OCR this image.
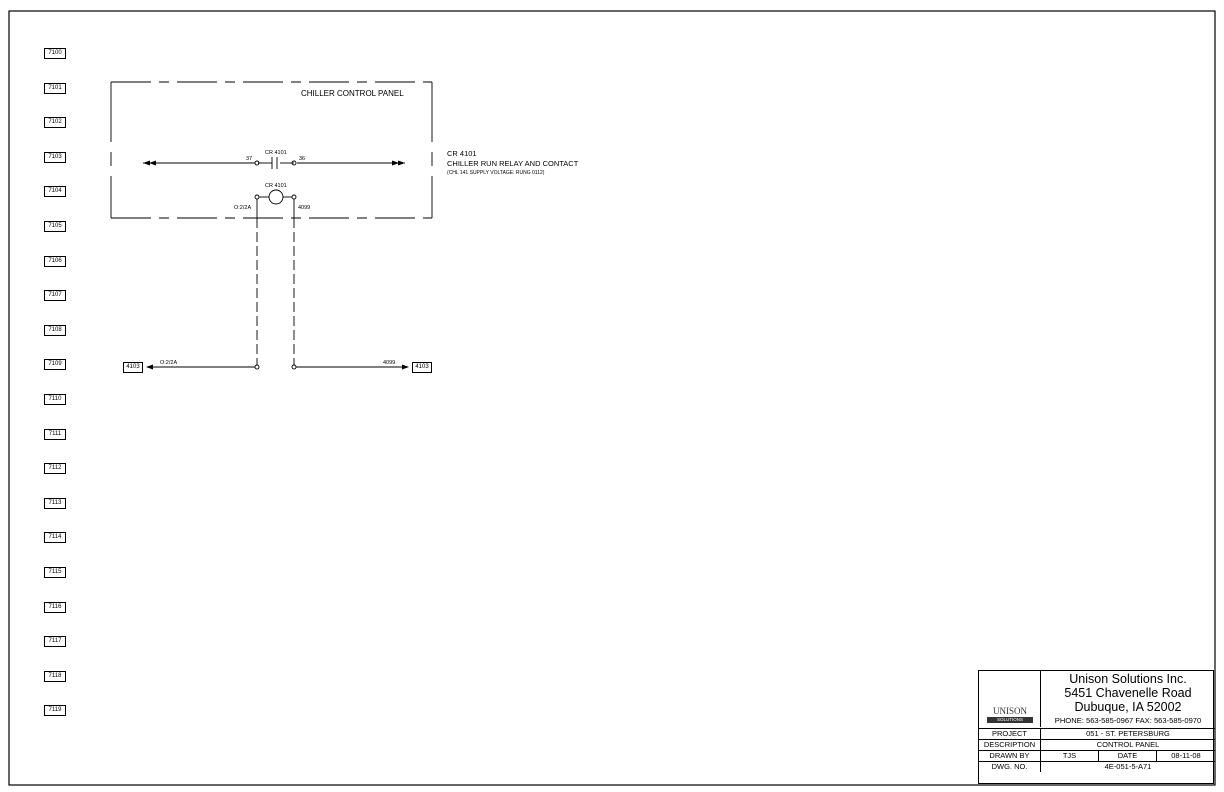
7100
7101
7102
7103
7104
7105
7106
7107
7108
7109
7110
7111
7112
7113
7114
7115
7116
7117
7118
7119
CHILLER CONTROL PANEL
CR 4101
37	36
CR 4101
O:2/2A	4099
CR 4101
CHILLER RUN RELAY AND CONTACT
(CHL 141 SUPPLY VOLTAGE: RUNG 0112)
4103
O:2/2A	4099
4103
UNISON
SOLUTIONS
Unison Solutions Inc.
5451 Chavenelle Road
Dubuque, IA 52002
PHONE: 563-585-0967 FAX: 563-585-0970
PROJECT	051 - ST. PETERSBURG
DESCRIPTION	CONTROL PANEL
DRAWN BY	TJS	DATE	08-11-08
DWG. NO.	4E-051-5-A71
